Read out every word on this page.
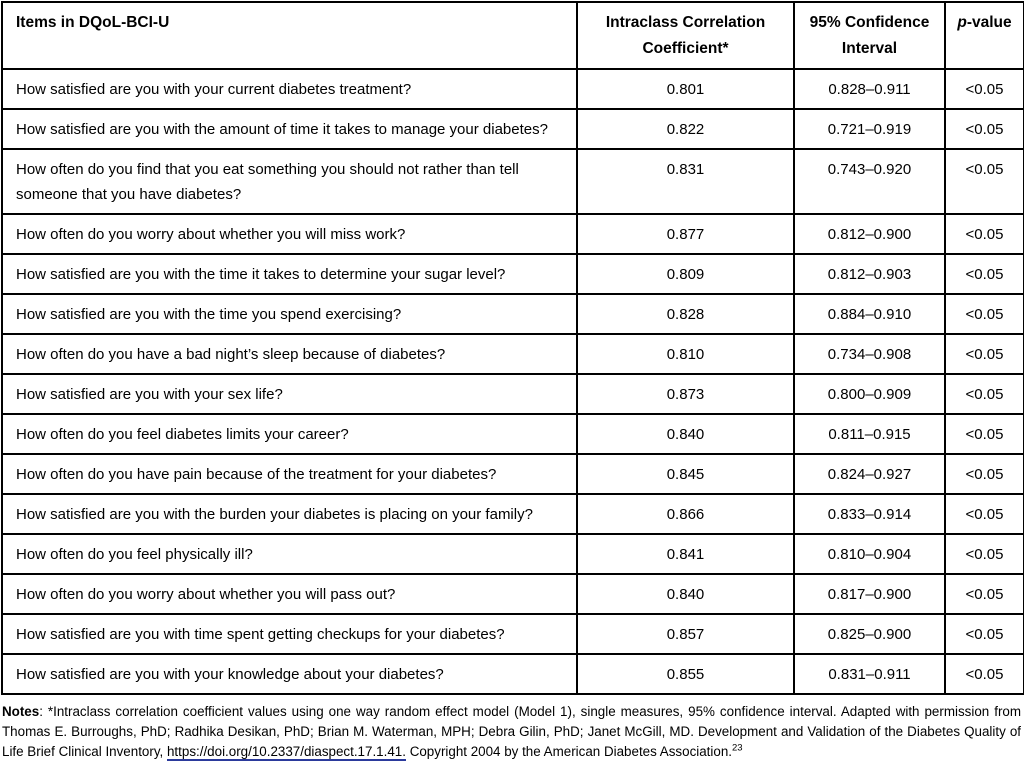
Items in DQoL-BCI-U	Intraclass Correlation Coefficient*	95% Confidence Interval	p-value
How satisfied are you with your current diabetes treatment?	0.801	0.828–0.911	<0.05
How satisfied are you with the amount of time it takes to manage your diabetes?	0.822	0.721–0.919	<0.05
How often do you find that you eat something you should not rather than tell someone that you have diabetes?	0.831	0.743–0.920	<0.05
How often do you worry about whether you will miss work?	0.877	0.812–0.900	<0.05
How satisfied are you with the time it takes to determine your sugar level?	0.809	0.812–0.903	<0.05
How satisfied are you with the time you spend exercising?	0.828	0.884–0.910	<0.05
How often do you have a bad night’s sleep because of diabetes?	0.810	0.734–0.908	<0.05
How satisfied are you with your sex life?	0.873	0.800–0.909	<0.05
How often do you feel diabetes limits your career?	0.840	0.811–0.915	<0.05
How often do you have pain because of the treatment for your diabetes?	0.845	0.824–0.927	<0.05
How satisfied are you with the burden your diabetes is placing on your family?	0.866	0.833–0.914	<0.05
How often do you feel physically ill?	0.841	0.810–0.904	<0.05
How often do you worry about whether you will pass out?	0.840	0.817–0.900	<0.05
How satisfied are you with time spent getting checkups for your diabetes?	0.857	0.825–0.900	<0.05
How satisfied are you with your knowledge about your diabetes?	0.855	0.831–0.911	<0.05

Notes: *Intraclass correlation coefficient values using one way random effect model (Model 1), single measures, 95% confidence interval. Adapted with permission from Thomas E. Burroughs, PhD; Radhika Desikan, PhD; Brian M. Waterman, MPH; Debra Gilin, PhD; Janet McGill, MD. Development and Validation of the Diabetes Quality of Life Brief Clinical Inventory, https://doi.org/10.2337/diaspect.17.1.41. Copyright 2004 by the American Diabetes Association.$^{23}$
